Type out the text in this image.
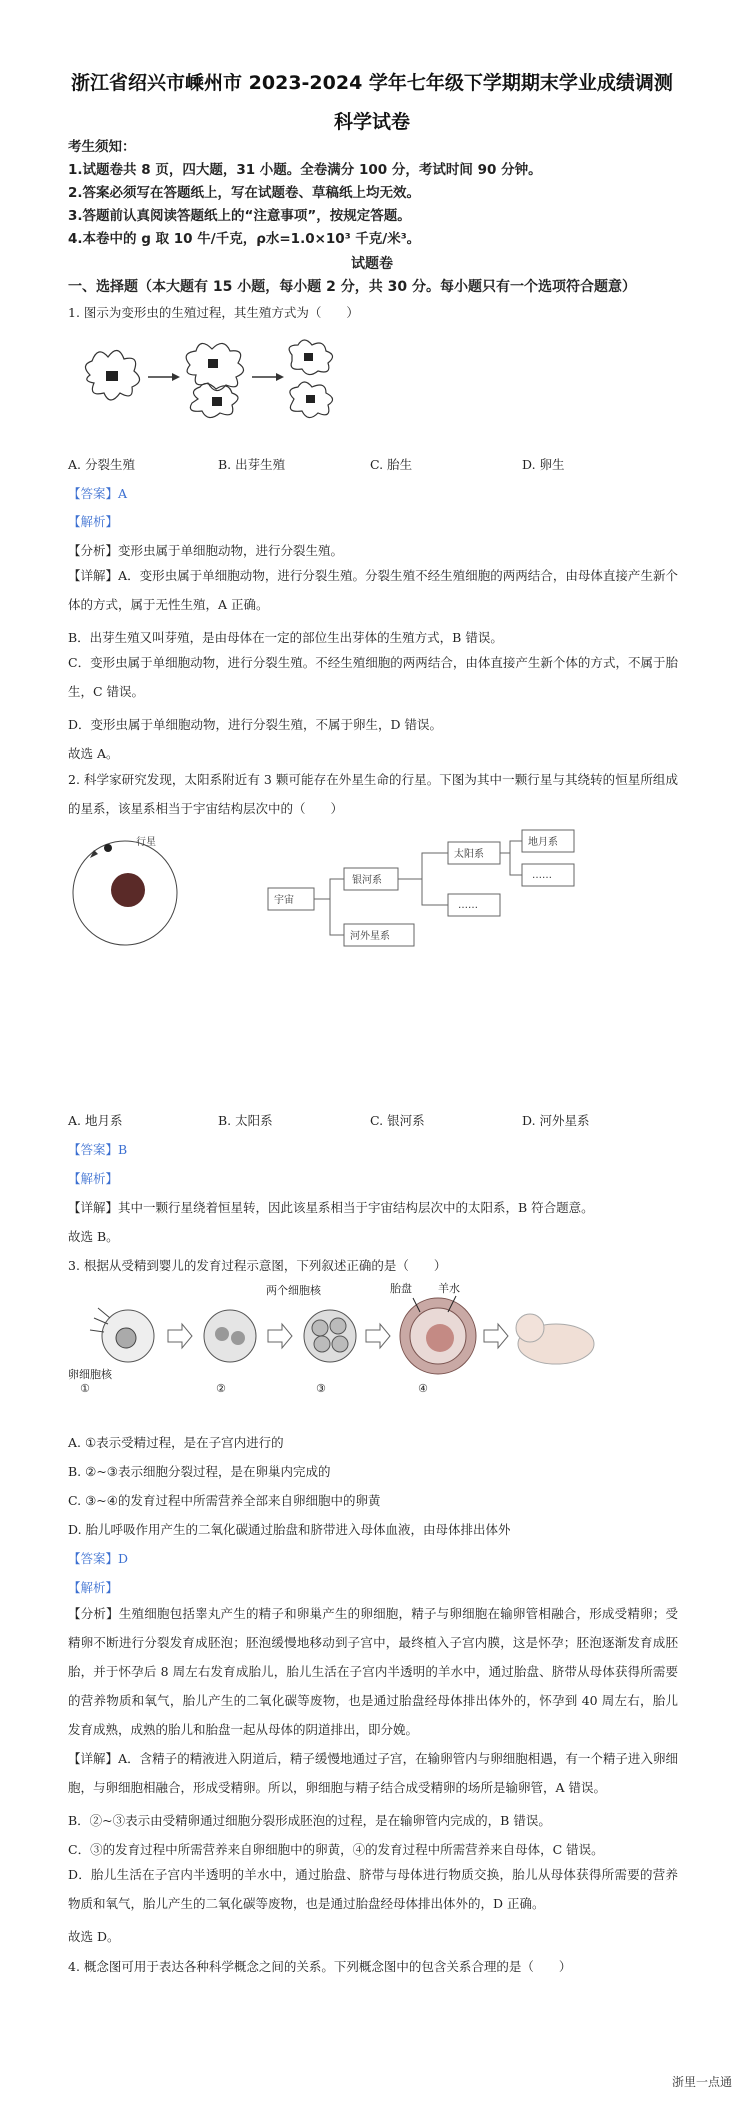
浙江省绍兴市嵊州市 2023-2024 学年七年级下学期期末学业成绩调测
科学试卷
考生须知：
1.试题卷共 8 页，四大题，31 小题。全卷满分 100 分，考试时间 90 分钟。
2.答案必须写在答题纸上，写在试题卷、草稿纸上均无效。
3.答题前认真阅读答题纸上的“注意事项”，按规定答题。
4.本卷中的 g 取 10 牛/千克，ρ水=1.0×10³ 千克/米³。
试题卷
一、选择题（本大题有 15 小题，每小题 2 分，共 30 分。每小题只有一个选项符合题意）
1. 图示为变形虫的生殖过程，其生殖方式为（　　）
A. 分裂生殖	B. 出芽生殖	C. 胎生	D. 卵生
【答案】A
【解析】
【分析】变形虫属于单细胞动物，进行分裂生殖。
【详解】A．变形虫属于单细胞动物，进行分裂生殖。分裂生殖不经生殖细胞的两两结合，由母体直接产生新个体的方式，属于无性生殖，A 正确。
B．出芽生殖又叫芽殖，是由母体在一定的部位生出芽体的生殖方式，B 错误。
C．变形虫属于单细胞动物，进行分裂生殖。不经生殖细胞的两两结合，由体直接产生新个体的方式，不属于胎生，C 错误。
D．变形虫属于单细胞动物，进行分裂生殖，不属于卵生，D 错误。
故选 A。
2. 科学家研究发现，太阳系附近有 3 颗可能存在外星生命的行星。下图为其中一颗行星与其绕转的恒星所组成的星系，该星系相当于宇宙结构层次中的（　　）
行星
宇宙
银河系
河外星系
太阳系
……
地月系
……
A. 地月系	B. 太阳系	C. 银河系	D. 河外星系
【答案】B
【解析】
【详解】其中一颗行星绕着恒星转，因此该星系相当于宇宙结构层次中的太阳系，B 符合题意。
故选 B。
3. 根据从受精到婴儿的发育过程示意图，下列叙述正确的是（　　）
两个细胞核	胎盘 羊水
卵细胞核
①	②	③	④
A. ①表示受精过程，是在子宫内进行的
B. ②~③表示细胞分裂过程，是在卵巢内完成的
C. ③~④的发育过程中所需营养全部来自卵细胞中的卵黄
D. 胎儿呼吸作用产生的二氧化碳通过胎盘和脐带进入母体血液，由母体排出体外
【答案】D
【解析】
【分析】生殖细胞包括睾丸产生的精子和卵巢产生的卵细胞，精子与卵细胞在输卵管相融合，形成受精卵；受精卵不断进行分裂发育成胚泡；胚泡缓慢地移动到子宫中，最终植入子宫内膜，这是怀孕；胚泡逐渐发育成胚胎，并于怀孕后 8 周左右发育成胎儿，胎儿生活在子宫内半透明的羊水中，通过胎盘、脐带从母体获得所需要的营养物质和氧气，胎儿产生的二氧化碳等废物，也是通过胎盘经母体排出体外的，怀孕到 40 周左右，胎儿发育成熟，成熟的胎儿和胎盘一起从母体的阴道排出，即分娩。
【详解】A．含精子的精液进入阴道后，精子缓慢地通过子宫，在输卵管内与卵细胞相遇，有一个精子进入卵细胞，与卵细胞相融合，形成受精卵。所以，卵细胞与精子结合成受精卵的场所是输卵管，A 错误。
B．②~③表示由受精卵通过细胞分裂形成胚泡的过程，是在输卵管内完成的，B 错误。
C．③的发育过程中所需营养来自卵细胞中的卵黄，④的发育过程中所需营养来自母体，C 错误。
D．胎儿生活在子宫内半透明的羊水中，通过胎盘、脐带与母体进行物质交换，胎儿从母体获得所需要的营养物质和氧气，胎儿产生的二氧化碳等废物，也是通过胎盘经母体排出体外的，D 正确。
故选 D。
4. 概念图可用于表达各种科学概念之间的关系。下列概念图中的包含关系合理的是（　　）
浙里一点通
